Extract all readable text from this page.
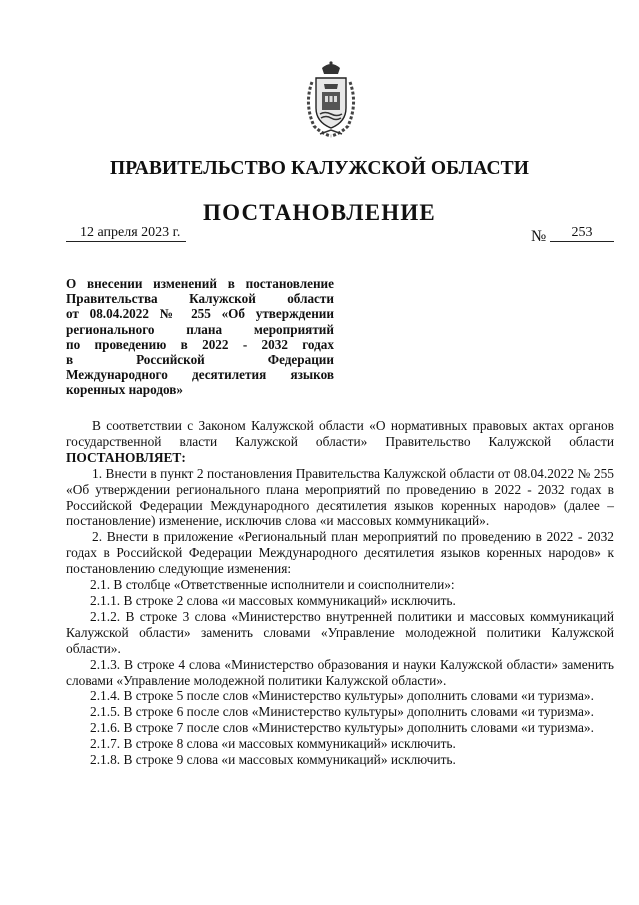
ПРАВИТЕЛЬСТВО КАЛУЖСКОЙ ОБЛАСТИ
ПОСТАНОВЛЕНИЕ
12 апреля 2023 г.	№	253
О внесении изменений в постановление
Правительства Калужской области
от 08.04.2022 № 255 «Об утверждении
регионального плана мероприятий
по проведению в 2022 - 2032 годах
в Российской Федерации
Международного десятилетия языков
коренных народов»

В соответствии с Законом Калужской области «О нормативных правовых актах органов государственной власти Калужской области» Правительство Калужской области ПОСТАНОВЛЯЕТ:

1. Внести в пункт 2 постановления Правительства Калужской области от 08.04.2022 № 255 «Об утверждении регионального плана мероприятий по проведению в 2022 - 2032 годах в Российской Федерации Международного десятилетия языков коренных народов» (далее – постановление) изменение, исключив слова «и массовых коммуникаций».

2. Внести в приложение «Региональный план мероприятий по проведению в 2022 - 2032 годах в Российской Федерации Международного десятилетия языков коренных народов» к постановлению следующие изменения:

2.1. В столбце «Ответственные исполнители и соисполнители»:

2.1.1. В строке 2 слова «и массовых коммуникаций» исключить.

2.1.2. В строке 3 слова «Министерство внутренней политики и массовых коммуникаций Калужской области» заменить словами «Управление молодежной политики Калужской области».

2.1.3. В строке 4 слова «Министерство образования и науки Калужской области» заменить словами «Управление молодежной политики Калужской области».

2.1.4. В строке 5 после слов «Министерство культуры» дополнить словами «и туризма».

2.1.5. В строке 6 после слов «Министерство культуры» дополнить словами «и туризма».

2.1.6. В строке 7 после слов «Министерство культуры» дополнить словами «и туризма».

2.1.7. В строке 8 слова «и массовых коммуникаций» исключить.

2.1.8. В строке 9 слова «и массовых коммуникаций» исключить.
